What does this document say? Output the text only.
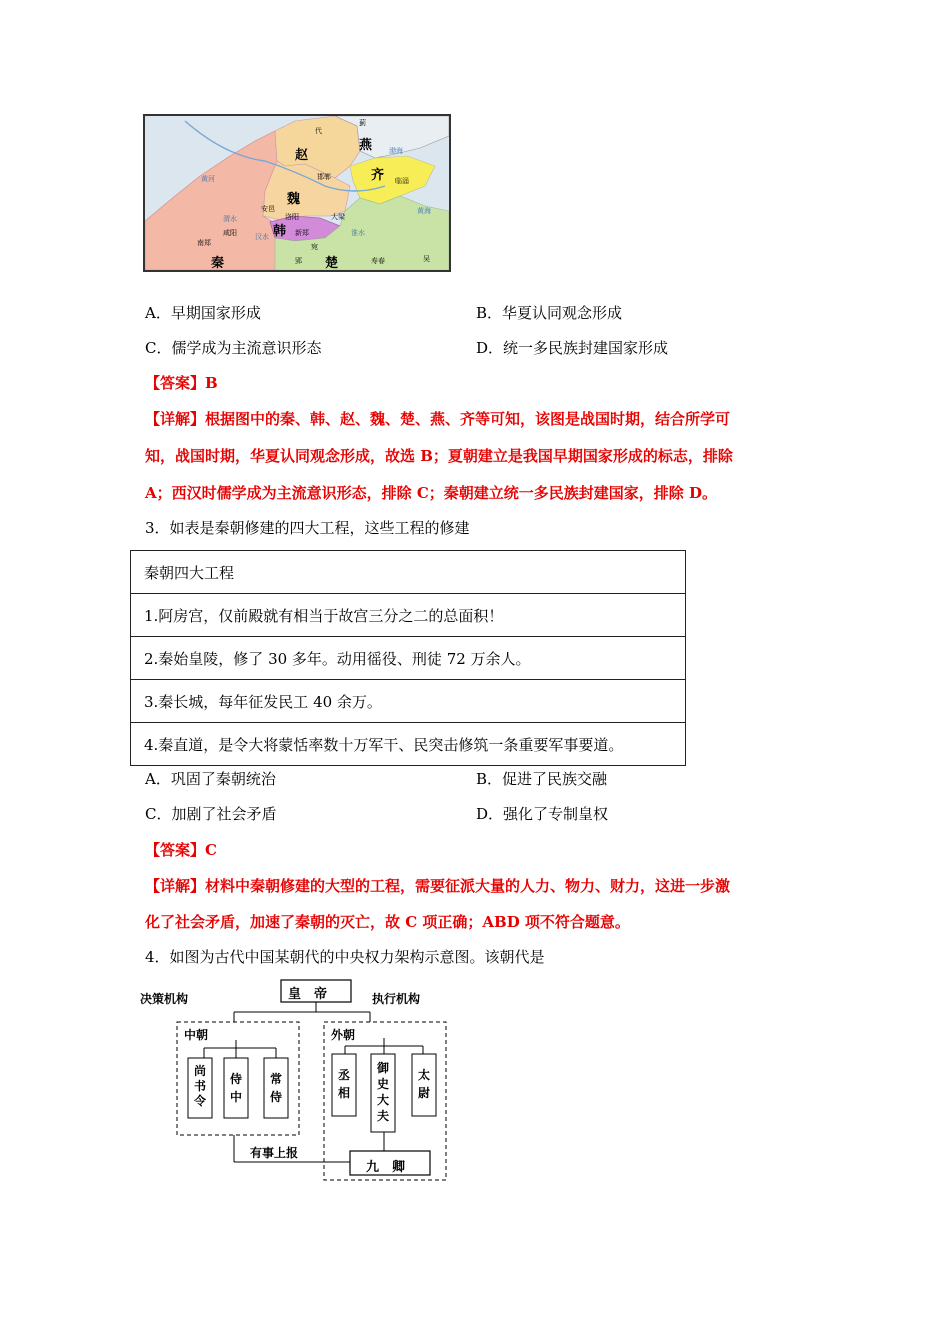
赵
燕
齐
魏
韩
秦	楚
黄河
汉水
渭水
淮水
渤海
黄海
蓟
代
临淄
邯郸
大梁
新郑
咸阳
南郑
郢	寿春	吴
安邑
洛阳
宛
A．早期国家形成	B．华夏认同观念形成
C．儒学成为主流意识形态	D．统一多民族封建国家形成
【答案】B
【详解】根据图中的秦、韩、赵、魏、楚、燕、齐等可知，该图是战国时期，结合所学可
知，战国时期，华夏认同观念形成，故选 B；夏朝建立是我国早期国家形成的标志，排除
A；西汉时儒学成为主流意识形态，排除 C；秦朝建立统一多民族封建国家，排除 D。
3．如表是秦朝修建的四大工程，这些工程的修建
秦朝四大工程
1.阿房宫，仅前殿就有相当于故宫三分之二的总面积！
2.秦始皇陵，修了 30 多年。动用徭役、刑徒 72 万余人。
3.秦长城，每年征发民工 40 余万。
4.秦直道，是令大将蒙恬率数十万军干、民突击修筑一条重要军事要道。
A．巩固了秦朝统治	B．促进了民族交融
C．加剧了社会矛盾	D．强化了专制皇权
【答案】C
【详解】材料中秦朝修建的大型的工程，需要征派大量的人力、物力、财力，这进一步激
化了社会矛盾，加速了秦朝的灭亡，故 C 项正确；ABD 项不符合题意。
4．如图为古代中国某朝代的中央权力架构示意图。该朝代是
皇　帝
决策机构	执行机构
中朝	外朝
尚书令
侍中
常侍
丞相
御史大夫
太尉
有事上报
九　卿
